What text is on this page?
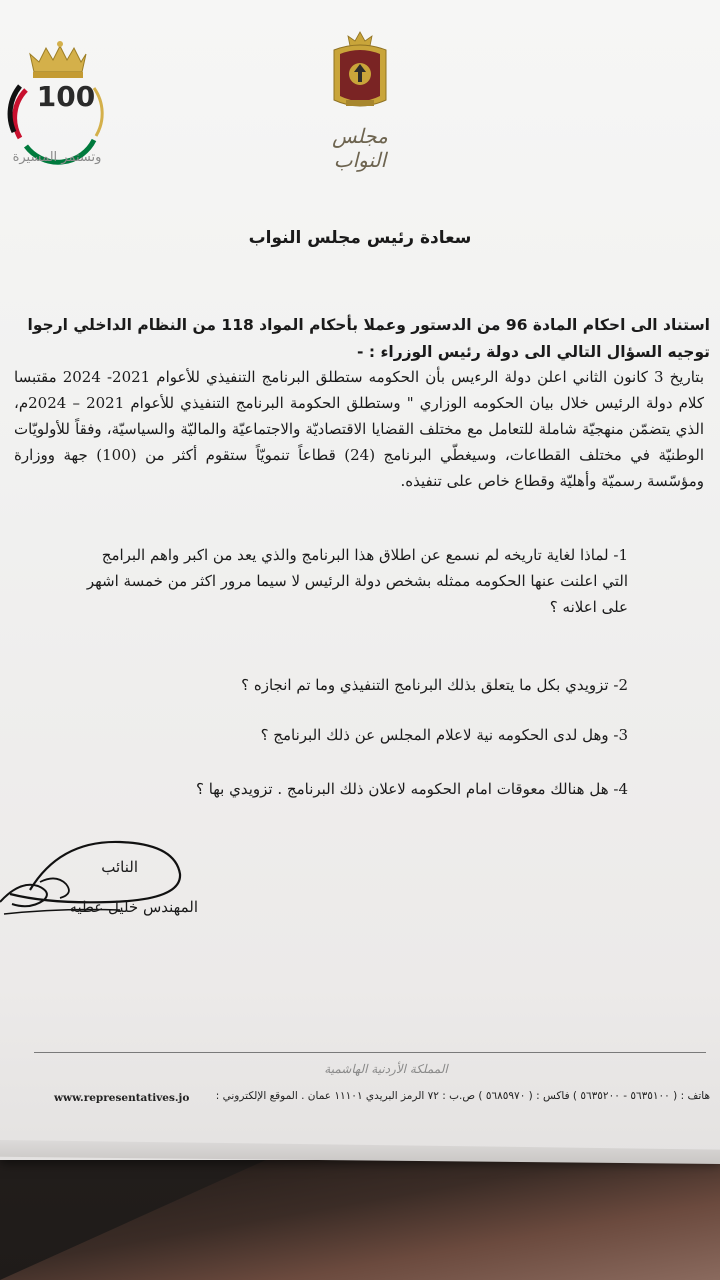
100
وتستمر المسيرة
مجلس النواب
سعادة رئيس مجلس النواب
استناد الى احكام المادة 96 من الدستور وعملا بأحكام المواد 118 من النظام الداخلي ارجوا توجيه السؤال التالي الى دولة رئيس الوزراء : -
بتاريخ 3 كانون الثاني اعلن دولة الرءيس بأن الحكومه ستطلق البرنامج التنفيذي للأعوام 2021- 2024 مقتبسا كلام دولة الرئيس خلال بيان الحكومه الوزاري " وستطلق الحكومة البرنامج التنفيذي للأعوام 2021 – 2024م، الذي يتضمّن منهجيّة شاملة للتعامل مع مختلف القضايا الاقتصاديّة والاجتماعيّة والماليّة والسياسيّة، وفقاً للأولويّات الوطنيّة في مختلف القطاعات، وسيغطّي البرنامج (24) قطاعاً تنمويّاً ستقوم أكثر من (100) جهة ووزارة ومؤسّسة رسميّة وأهليّة وقطاع خاص على تنفيذه.
1- لماذا لغاية تاريخه لم نسمع عن اطلاق هذا البرنامج والذي يعد من اكبر واهم البرامج التي اعلنت عنها الحكومه ممثله بشخص دولة الرئيس لا سيما مرور اكثر من خمسة اشهر على اعلانه ؟
2- تزويدي بكل ما يتعلق بذلك البرنامج التنفيذي وما تم انجازه ؟
3- وهل لدى الحكومه نية لاعلام المجلس عن ذلك البرنامج ؟
4- هل هنالك معوقات امام الحكومه لاعلان ذلك البرنامج . تزويدي بها ؟
النائب
المهندس خليل عطيه
المملكة الأردنية الهاشمية
هاتف : ( ٥٦٣٥١٠٠ - ٥٦٣٥٢٠٠ ) فاكس : ( ٥٦٨٥٩٧٠ ) ص.ب : ٧٢ الرمز البريدي ١١١٠١ عمان . الموقع الإلكتروني :
www.representatives.jo
